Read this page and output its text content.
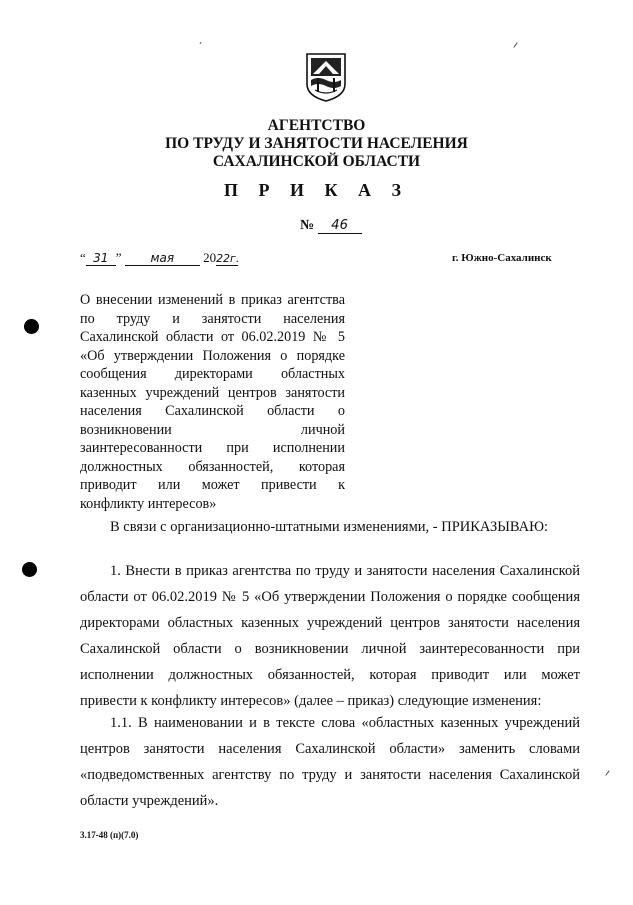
АГЕНТСТВО
ПО ТРУДУ И ЗАНЯТОСТИ НАСЕЛЕНИЯ
САХАЛИНСКОЙ ОБЛАСТИ
П Р И К А З
№ 46
“ 31 ” мая 2022г.	г. Южно-Сахалинск
О внесении изменений в приказ агентства
по труду и занятости населения
Сахалинской области от 06.02.2019 № 5
«Об утверждении Положения о порядке
сообщения директорами областных
казенных учреждений центров занятости
населения Сахалинской области о
возникновении личной
заинтересованности при исполнении
должностных обязанностей, которая
приводит или может привести к
конфликту интересов»
В связи с организационно-штатными изменениями, - ПРИКАЗЫВАЮ:
1. Внести в приказ агентства по труду и занятости населения Сахалинской
области от 06.02.2019 № 5 «Об утверждении Положения о порядке сообщения
директорами областных казенных учреждений центров занятости населения
Сахалинской области о возникновении личной заинтересованности при
исполнении должностных обязанностей, которая приводит или может
привести к конфликту интересов» (далее – приказ) следующие изменения:
1.1. В наименовании и в тексте слова «областных казенных учреждений
центров занятости населения Сахалинской области» заменить словами
«подведомственных агентству по труду и занятости населения Сахалинской
области учреждений».
3.17-48 (п)(7.0)
